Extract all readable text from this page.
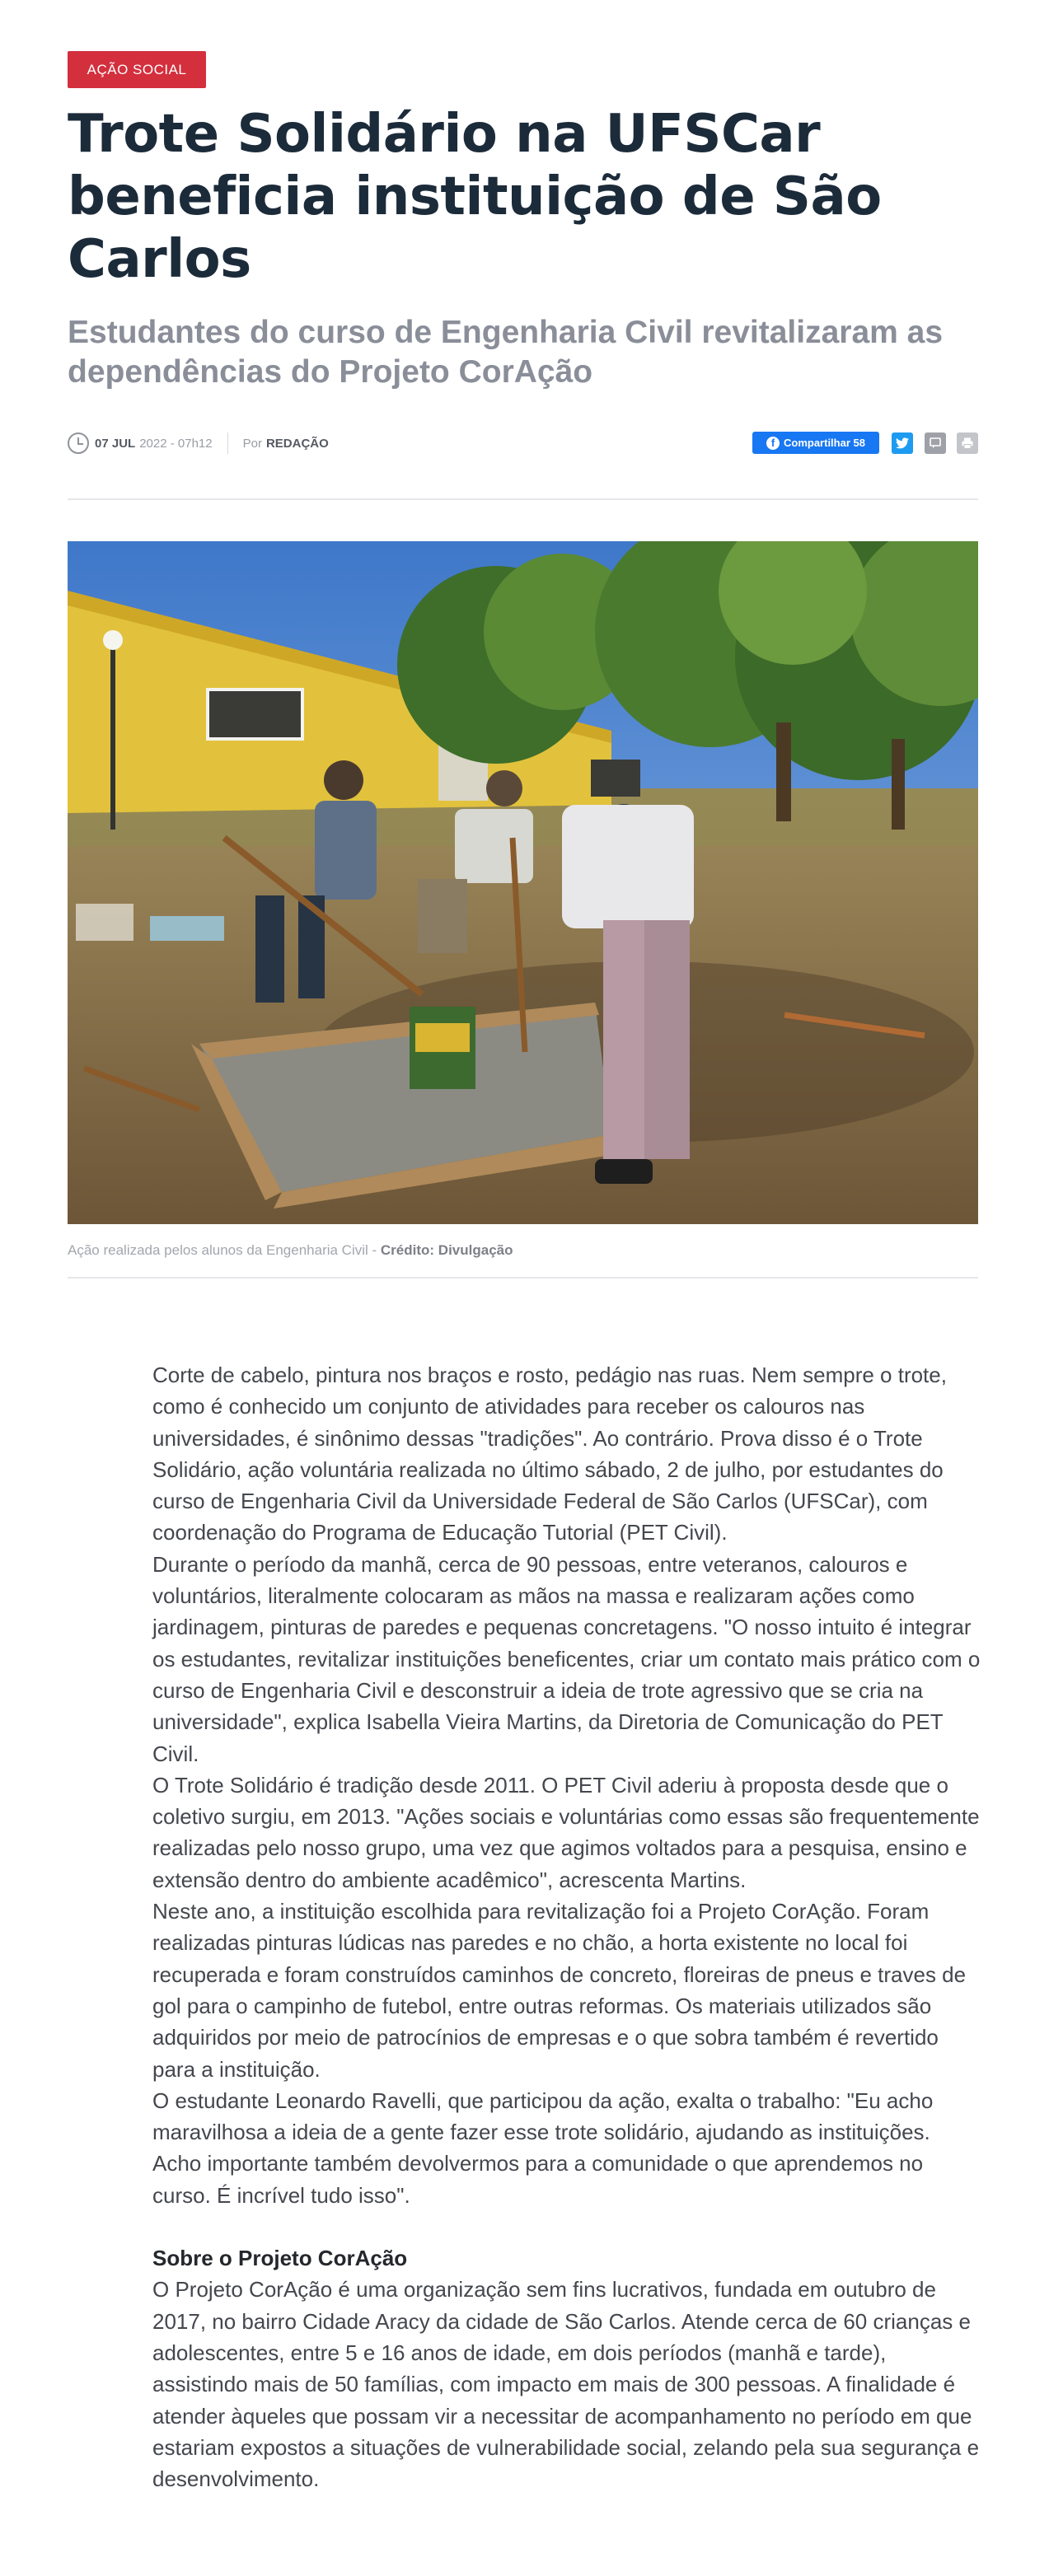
AÇÃO SOCIAL
Trote Solidário na UFSCar beneficia instituição de São Carlos
Estudantes do curso de Engenharia Civil revitalizaram as dependências do Projeto CorAção
07 JUL 2022 - 07h12 Por REDAÇÃO	f Compartilhar 58
Ação realizada pelos alunos da Engenharia Civil - Crédito: Divulgação

Corte de cabelo, pintura nos braços e rosto, pedágio nas ruas. Nem sempre o trote, como é conhecido um conjunto de atividades para receber os calouros nas universidades, é sinônimo dessas "tradições". Ao contrário. Prova disso é o Trote Solidário, ação voluntária realizada no último sábado, 2 de julho, por estudantes do curso de Engenharia Civil da Universidade Federal de São Carlos (UFSCar), com coordenação do Programa de Educação Tutorial (PET Civil).

Durante o período da manhã, cerca de 90 pessoas, entre veteranos, calouros e voluntários, literalmente colocaram as mãos na massa e realizaram ações como jardinagem, pinturas de paredes e pequenas concretagens. "O nosso intuito é integrar os estudantes, revitalizar instituições beneficentes, criar um contato mais prático com o curso de Engenharia Civil e desconstruir a ideia de trote agressivo que se cria na universidade", explica Isabella Vieira Martins, da Diretoria de Comunicação do PET Civil.

O Trote Solidário é tradição desde 2011. O PET Civil aderiu à proposta desde que o coletivo surgiu, em 2013. "Ações sociais e voluntárias como essas são frequentemente realizadas pelo nosso grupo, uma vez que agimos voltados para a pesquisa, ensino e extensão dentro do ambiente acadêmico", acrescenta Martins.

Neste ano, a instituição escolhida para revitalização foi a Projeto CorAção. Foram realizadas pinturas lúdicas nas paredes e no chão, a horta existente no local foi recuperada e foram construídos caminhos de concreto, floreiras de pneus e traves de gol para o campinho de futebol, entre outras reformas. Os materiais utilizados são adquiridos por meio de patrocínios de empresas e o que sobra também é revertido para a instituição.

O estudante Leonardo Ravelli, que participou da ação, exalta o trabalho: "Eu acho maravilhosa a ideia de a gente fazer esse trote solidário, ajudando as instituições. Acho importante também devolvermos para a comunidade o que aprendemos no curso. É incrível tudo isso".

Sobre o Projeto CorAção

O Projeto CorAção é uma organização sem fins lucrativos, fundada em outubro de 2017, no bairro Cidade Aracy da cidade de São Carlos. Atende cerca de 60 crianças e adolescentes, entre 5 e 16 anos de idade, em dois períodos (manhã e tarde), assistindo mais de 50 famílias, com impacto em mais de 300 pessoas. A finalidade é atender àqueles que possam vir a necessitar de acompanhamento no período em que estariam expostos a situações de vulnerabilidade social, zelando pela sua segurança e desenvolvimento.
